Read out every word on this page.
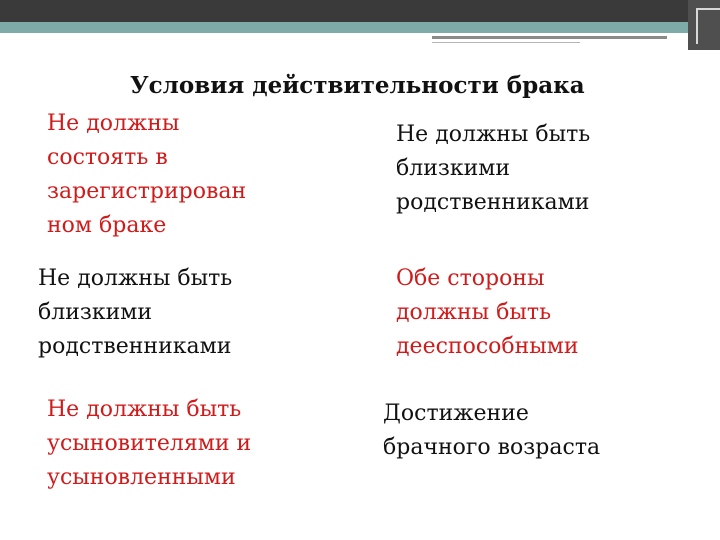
Условия действительности брака

Не должны
состоять в
зарегистрирован
ном браке

Не должны быть
близкими
родственниками

Не должны быть
близкими
родственниками

Обе стороны
должны быть
дееспособными

Не должны быть
усыновителями и
усыновленными

Достижение
брачного возраста
